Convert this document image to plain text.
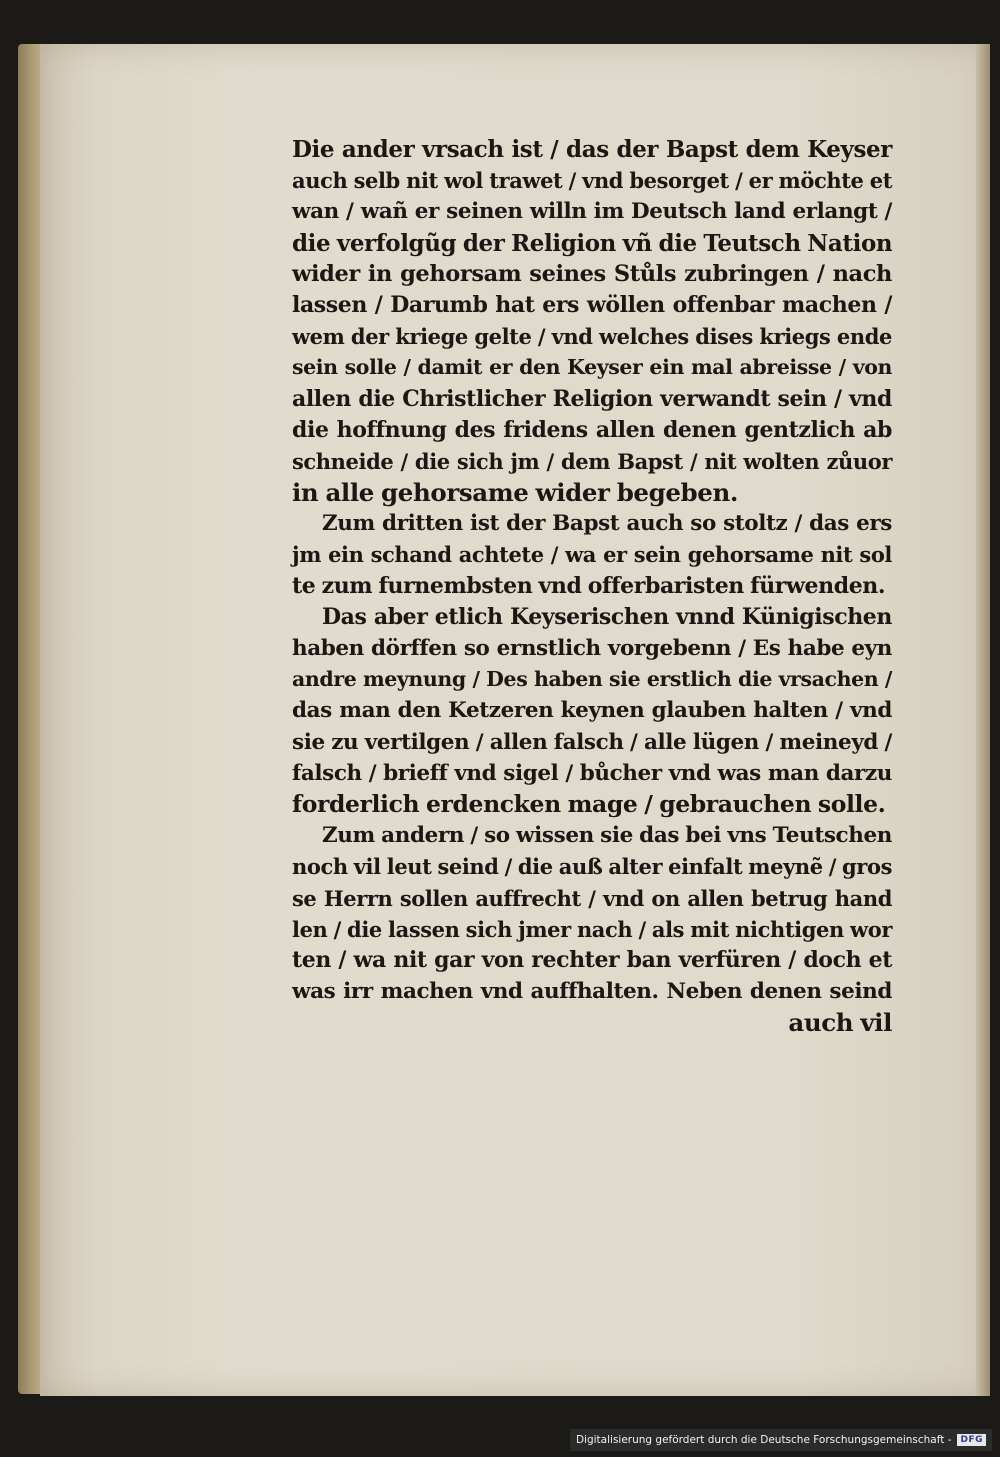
Die ander vrsach ist / das der Bapst dem Keyser
auch selb nit wol trawet / vnd besorget / er möchte et
wan / wañ er seinen willn im Deutsch land erlangt /
die verfolgũg der Religion vñ die Teutsch Nation
wider in gehorsam seines Stůls zubringen / nach
lassen / Darumb hat ers wöllen offenbar machen /
wem der kriege gelte / vnd welches dises kriegs ende
sein solle / damit er den Keyser ein mal abreisse / von
allen die Christlicher Religion verwandt sein / vnd
die hoffnung des fridens allen denen gentzlich ab
schneide / die sich jm / dem Bapst / nit wolten zůuor
in alle gehorsame wider begeben.
Zum dritten ist der Bapst auch so stoltz / das ers
jm ein schand achtete / wa er sein gehorsame nit sol
te zum furnembsten vnd offerbaristen fürwenden.
Das aber etlich Keyserischen vnnd Künigischen
haben dörffen so ernstlich vorgebenn / Es habe eyn
andre meynung / Des haben sie erstlich die vrsachen /
das man den Ketzeren keynen glauben halten / vnd
sie zu vertilgen / allen falsch / alle lügen / meineyd /
falsch / brieff vnd sigel / bůcher vnd was man darzu
forderlich erdencken mage / gebrauchen solle.
Zum andern / so wissen sie das bei vns Teutschen
noch vil leut seind / die auß alter einfalt meynẽ / gros
se Herrn sollen auffrecht / vnd on allen betrug hand
len / die lassen sich jmer nach / als mit nichtigen wor
ten / wa nit gar von rechter ban verfüren / doch et
was irr machen vnd auffhalten. Neben denen seind
auch vil
Digitalisierung gefördert durch die Deutsche Forschungsgemeinschaft -	DFG
